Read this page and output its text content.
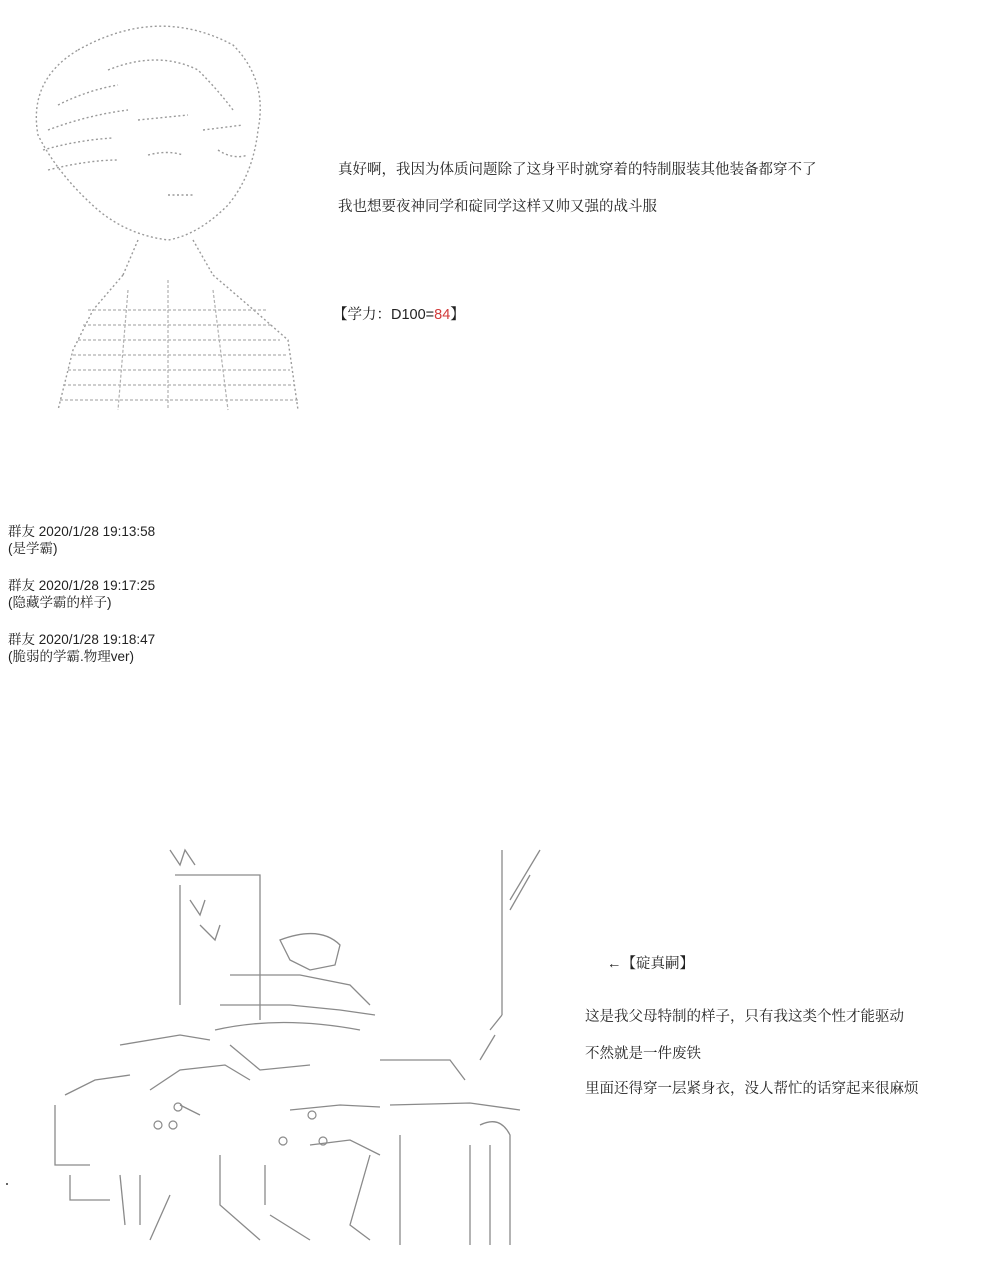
真好啊，我因为体质问题除了这身平时就穿着的特制服装其他装备都穿不了
我也想要夜神同学和碇同学这样又帅又强的战斗服
【学力：D100=84】
群友 2020/1/28 19:13:58
(是学霸)
群友 2020/1/28 19:17:25
(隐藏学霸的样子)
群友 2020/1/28 19:18:47
(脆弱的学霸.物理ver)
←【碇真嗣】
这是我父母特制的样子，只有我这类个性才能驱动
不然就是一件废铁
里面还得穿一层紧身衣，没人帮忙的话穿起来很麻烦
